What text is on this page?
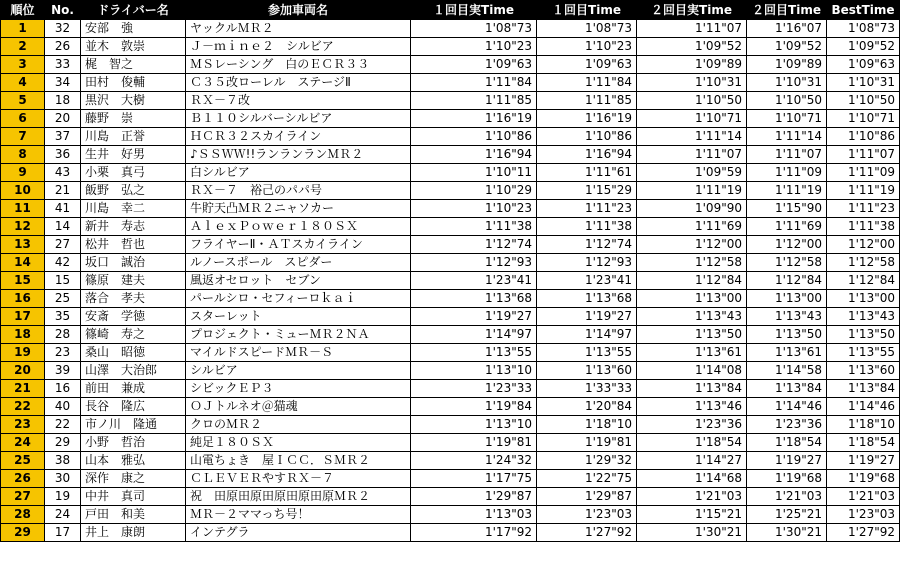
順位	No.	ドライバー名	参加車両名	１回目実Time	１回目Time	２回目実Time	２回目Time	BestTime
1	32	安部　強	ヤックルＭＲ２	1'08"73	1'08"73	1'11"07	1'16"07	1'08"73
2	26	並木　敦崇	Ｊ－ｍｉｎｅ２　シルビア	1'10"23	1'10"23	1'09"52	1'09"52	1'09"52
3	33	梶　智之	ＭＳレーシング　白のＥＣＲ３３	1'09"63	1'09"63	1'09"89	1'09"89	1'09"63
4	34	田村　俊輔	Ｃ３５改ローレル　ステージⅡ	1'11"84	1'11"84	1'10"31	1'10"31	1'10"31
5	18	黒沢　大樹	ＲＸ－７改	1'11"85	1'11"85	1'10"50	1'10"50	1'10"50
6	20	藤野　崇	Ｂ１１０シルバーシルビア	1'16"19	1'16"19	1'10"71	1'10"71	1'10"71
7	37	川島　正誉	ＨＣＲ３２スカイライン	1'10"86	1'10"86	1'11"14	1'11"14	1'10"86
8	36	生井　好男	♪ＳＳＷＷ!!ランランランＭＲ２	1'16"94	1'16"94	1'11"07	1'11"07	1'11"07
9	43	小栗　真弓	白シルビア	1'10"11	1'11"61	1'09"59	1'11"09	1'11"09
10	21	飯野　弘之	ＲＸ－７　裕己のパパ号	1'10"29	1'15"29	1'11"19	1'11"19	1'11"19
11	41	川島　幸二	牛貯天凸ＭＲ２ニャソカー	1'10"23	1'11"23	1'09"90	1'15"90	1'11"23
12	14	新井　寿志	ＡｌｅｘＰｏｗｅｒ１８０ＳＸ	1'11"38	1'11"38	1'11"69	1'11"69	1'11"38
13	27	松井　哲也	フライヤーⅡ・ＡＴスカイライン	1'12"74	1'12"74	1'12"00	1'12"00	1'12"00
14	42	坂口　誠治	ルノースポール　スピダー	1'12"93	1'12"93	1'12"58	1'12"58	1'12"58
15	15	篠原　建夫	風返オセロット　セブン	1'23"41	1'23"41	1'12"84	1'12"84	1'12"84
16	25	落合　孝夫	パールシロ・セフィーロｋａｉ	1'13"68	1'13"68	1'13"00	1'13"00	1'13"00
17	35	安斎　学徳	スターレット	1'19"27	1'19"27	1'13"43	1'13"43	1'13"43
18	28	篠崎　寿之	プロジェクト・ミューＭＲ２ＮＡ	1'14"97	1'14"97	1'13"50	1'13"50	1'13"50
19	23	桑山　昭徳	マイルドスピードＭＲ－Ｓ	1'13"55	1'13"55	1'13"61	1'13"61	1'13"55
20	39	山澤　大治郎	シルビア	1'13"10	1'13"60	1'14"08	1'14"58	1'13"60
21	16	前田　兼成	シビックＥＰ３	1'23"33	1'33"33	1'13"84	1'13"84	1'13"84
22	40	長谷　隆広	ＯＪトルネオ＠猫魂	1'19"84	1'20"84	1'13"46	1'14"46	1'14"46
23	22	市ノ川　隆通	クロのＭＲ２	1'13"10	1'18"10	1'23"36	1'23"36	1'18"10
24	29	小野　哲治	純足１８０ＳＸ	1'19"81	1'19"81	1'18"54	1'18"54	1'18"54
25	38	山本　雅弘	山電ちょき　屋ＩＣＣ．ＳＭＲ２	1'24"32	1'29"32	1'14"27	1'19"27	1'19"27
26	30	深作　康之	ＣＬＥＶＥＲやすＲＸ－７	1'17"75	1'22"75	1'14"68	1'19"68	1'19"68
27	19	中井　真司	祝　田原田原田原田原田原ＭＲ２	1'29"87	1'29"87	1'21"03	1'21"03	1'21"03
28	24	戸田　和美	ＭＲ－２ママっち号！	1'13"03	1'23"03	1'15"21	1'25"21	1'23"03
29	17	井上　康朗	インテグラ	1'17"92	1'27"92	1'30"21	1'30"21	1'27"92
